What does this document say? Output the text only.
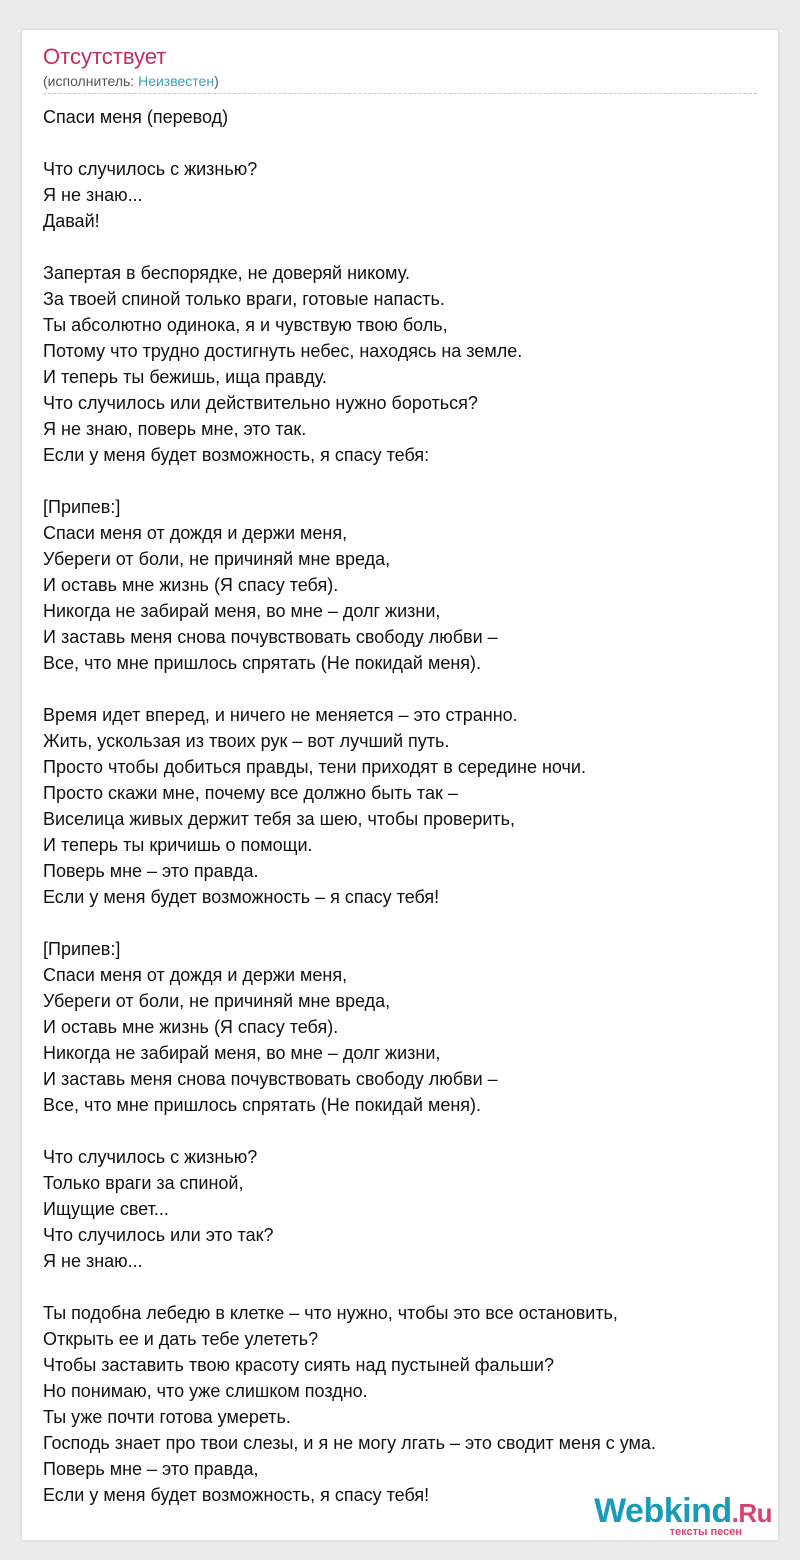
Отсутствует
(исполнитель: Неизвестен)
Спаси меня (перевод)
Что случилось с жизнью?
Я не знаю...
Давай!
Запертая в беспорядке, не доверяй никому.
За твоей спиной только враги, готовые напасть.
Ты абсолютно одинока, я и чувствую твою боль,
Потому что трудно достигнуть небес, находясь на земле.
И теперь ты бежишь, ища правду.
Что случилось или действительно нужно бороться?
Я не знаю, поверь мне, это так.
Если у меня будет возможность, я спасу тебя:
[Припев:]
Спаси меня от дождя и держи меня,
Убереги от боли, не причиняй мне вреда,
И оставь мне жизнь (Я спасу тебя).
Никогда не забирай меня, во мне – долг жизни,
И заставь меня снова почувствовать свободу любви –
Все, что мне пришлось спрятать (Не покидай меня).
Время идет вперед, и ничего не меняется – это странно.
Жить, ускользая из твоих рук – вот лучший путь.
Просто чтобы добиться правды, тени приходят в середине ночи.
Просто скажи мне, почему все должно быть так –
Виселица живых держит тебя за шею, чтобы проверить,
И теперь ты кричишь о помощи.
Поверь мне – это правда.
Если у меня будет возможность – я спасу тебя!
[Припев:]
Спаси меня от дождя и держи меня,
Убереги от боли, не причиняй мне вреда,
И оставь мне жизнь (Я спасу тебя).
Никогда не забирай меня, во мне – долг жизни,
И заставь меня снова почувствовать свободу любви –
Все, что мне пришлось спрятать (Не покидай меня).
Что случилось с жизнью?
Только враги за спиной,
Ищущие свет...
Что случилось или это так?
Я не знаю...
Ты подобна лебедю в клетке – что нужно, чтобы это все остановить,
Открыть ее и дать тебе улететь?
Чтобы заставить твою красоту сиять над пустыней фальши?
Но понимаю, что уже слишком поздно.
Ты уже почти готова умереть.
Господь знает про твои слезы, и я не могу лгать – это сводит меня с ума.
Поверь мне – это правда,
Если у меня будет возможность, я спасу тебя!	Webkind.Ru
тексты песен
